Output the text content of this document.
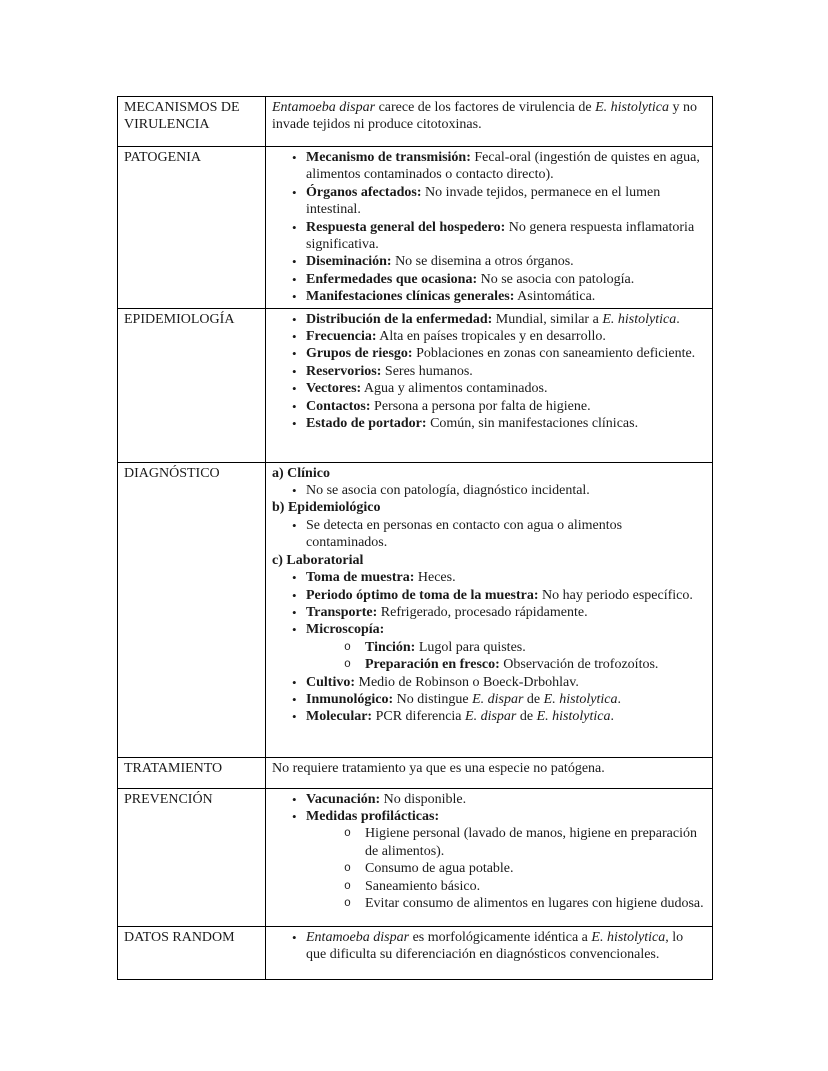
MECANISMOS DE VIRULENCIA	Entamoeba dispar carece de los factores de virulencia de E. histolytica y no invade tejidos ni produce citotoxinas.

PATOGENIA	• Mecanismo de transmisión: Fecal-oral (ingestión de quistes en agua, alimentos contaminados o contacto directo).
• Órganos afectados: No invade tejidos, permanece en el lumen intestinal.
• Respuesta general del hospedero: No genera respuesta inflamatoria significativa.
• Diseminación: No se disemina a otros órganos.
• Enfermedades que ocasiona: No se asocia con patología.
• Manifestaciones clínicas generales: Asintomática.

EPIDEMIOLOGÍA	• Distribución de la enfermedad: Mundial, similar a E. histolytica.
• Frecuencia: Alta en países tropicales y en desarrollo.
• Grupos de riesgo: Poblaciones en zonas con saneamiento deficiente.
• Reservorios: Seres humanos.
• Vectores: Agua y alimentos contaminados.
• Contactos: Persona a persona por falta de higiene.
• Estado de portador: Común, sin manifestaciones clínicas.

DIAGNÓSTICO	a) Clínico
• No se asocia con patología, diagnóstico incidental.
b) Epidemiológico
• Se detecta en personas en contacto con agua o alimentos contaminados.
c) Laboratorial
• Toma de muestra: Heces.
• Periodo óptimo de toma de la muestra: No hay periodo específico.
• Transporte: Refrigerado, procesado rápidamente.
• Microscopía:
o Tinción: Lugol para quistes.
o Preparación en fresco: Observación de trofozoítos.
• Cultivo: Medio de Robinson o Boeck-Drbohlav.
• Inmunológico: No distingue E. dispar de E. histolytica.
• Molecular: PCR diferencia E. dispar de E. histolytica.

TRATAMIENTO	No requiere tratamiento ya que es una especie no patógena.

PREVENCIÓN	• Vacunación: No disponible.
• Medidas profilácticas:
o Higiene personal (lavado de manos, higiene en preparación de alimentos).
o Consumo de agua potable.
o Saneamiento básico.
o Evitar consumo de alimentos en lugares con higiene dudosa.

DATOS RANDOM	• Entamoeba dispar es morfológicamente idéntica a E. histolytica, lo que dificulta su diferenciación en diagnósticos convencionales.
